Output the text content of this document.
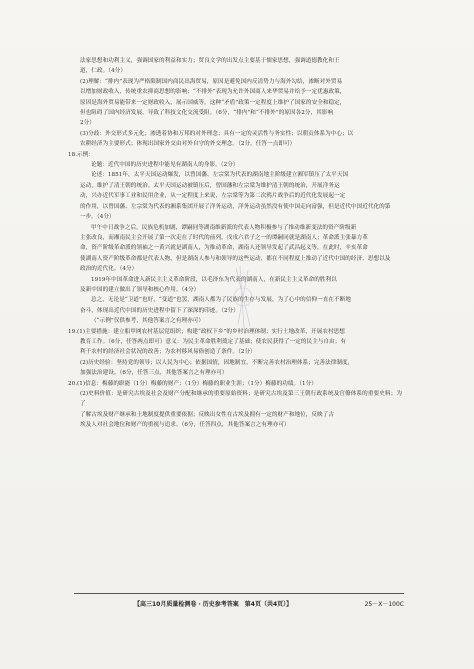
法家思想和功利主义，强调国家的利益和实力；贸良文学的出发点主要基于儒家思想，强调道德教化和王

道，仁政。（4分）

(2)理解：“排内”表现为严格限制国内商民出海贸易，原因是避免国内反清势力与海外勾结，渗断对外贸易

以增加财政收入，传统重农抑商思想的影响；“不排外”表现为允许外国商人来华贸易并给予一定优惠政策，

原因是海外贸易能带来一定财政收入，展示国威等。这种“矛盾”政策一定程度上维护了国家的安全和稳定，

但也阻碍了国内经济发展，导致了科技文化交流受阻。（6分，“排内”和“不排外”的原因各2分，其影响

2分）

(3)分歧：外交形式多元化；渗透着协和万邦的对外理念；具有一定的灵活性与务实性；以朝贡体系为中心；以

农耕经济为主要形式；体现出国家外交由对外自守的外交理念。（2分，任答一点即可）

18.示例：

论题：近代中国的历史进程中能见有湖南人的身影。（2分）

论述：1851年，太平天国运动爆发，以曾国藩、左宗棠为代表的湖南地主阶级建立湘军镇压了太平天国

运动，维护了清王朝的统治。太平天国运动被镇压后，曾国藩和左宗棠为维护清王朝的统治，开展洋务运

动，兴办近代军事工业和民用企业，从一定程度上来说，左宗棠等为第二次鸦片战争后的近代化发展起一定

的作用，以曾国藩、左宗棠为代表的湘系集团开展了洋务运动，洋务运动虽然没有使中国走向富强，但是近代中国近代化的第

一步。（4分）

甲午中日战争之后，民族危机加剧，谭嗣同等湖南维新派的代表人物积极参与了推动维新变法的资产阶级新

主张改良，而湘南民主会开展了第一次走在了时代的前列，戊戌六君子之一的谭嗣同就是湖南人；革命派主张暴力革

命，资产阶级革命派的领袖之一黄兴就是湖南人，为推动革命，湖南人还领导发起了武昌起义等，在此时，辛亥革命

使湖南人资产阶级革命都是代表人物，但是湖南人参与和领导的这些运动，都在不同程度上推动了近代中国的经济、思想以及

政治的近代化。（4分）

1919年中国革命进入新民主主义革命阶段，以毛泽东为代表的湖南人，在新民主主义革命的胜利以

及新中国的建立做出了领导和核心作用。（4分）

总之，无论是“卫道”也好，“变道”也罢，湖南人都为了民族的生存与发展，为了心中的信仰一直在不断地

奋斗，体现出近代中国的历史进程中留下了深深的印迹。（2分）

（“示例”仅供参考，其他答案言之有理亦可）

19.(1)主要措施：建立船甲网农村基层党组织；构建“政权下乡”的乡村治理体制；实行土地改革，开展农村思想

教育工作。（6分，任答两点即可）意义：为民主革命胜利奠定了基础；使农民获得了一定的民主与自由；有

利于农村的经济社会状况的改善；为农村移风易俗创造了条件。（2分）

(2)历史经验：坚持党的领导；以人民为中心；依据国情，因地制宜，不断完善农村治理体系；完善法律制度，

加强法治建设。（6分，任答三点，其他答案言之有理亦可）

20.(1)信息：梅藤的职能（1分）梅藤的财产；（1分）梅藤的职业生涯；（1分）梅藤的功绩。（1分）

(2)史料价值：是研究古埃及社会及财产分配和继承的重要原始资料；是研究古埃及第三王朝行政系统及官僚体系的重要史料；为了

了解古埃及财产继承和土地制度提供重要依据；反映出女性在古埃及拥有一定的财产和地位，反映了古

埃及人对社会地位和财产的重视与追求。（6分，任答四点，其他答案言之有理亦可）

【高三10月质量检测卷 · 历史参考答案　第4页（共4页）】	25－X－100C
